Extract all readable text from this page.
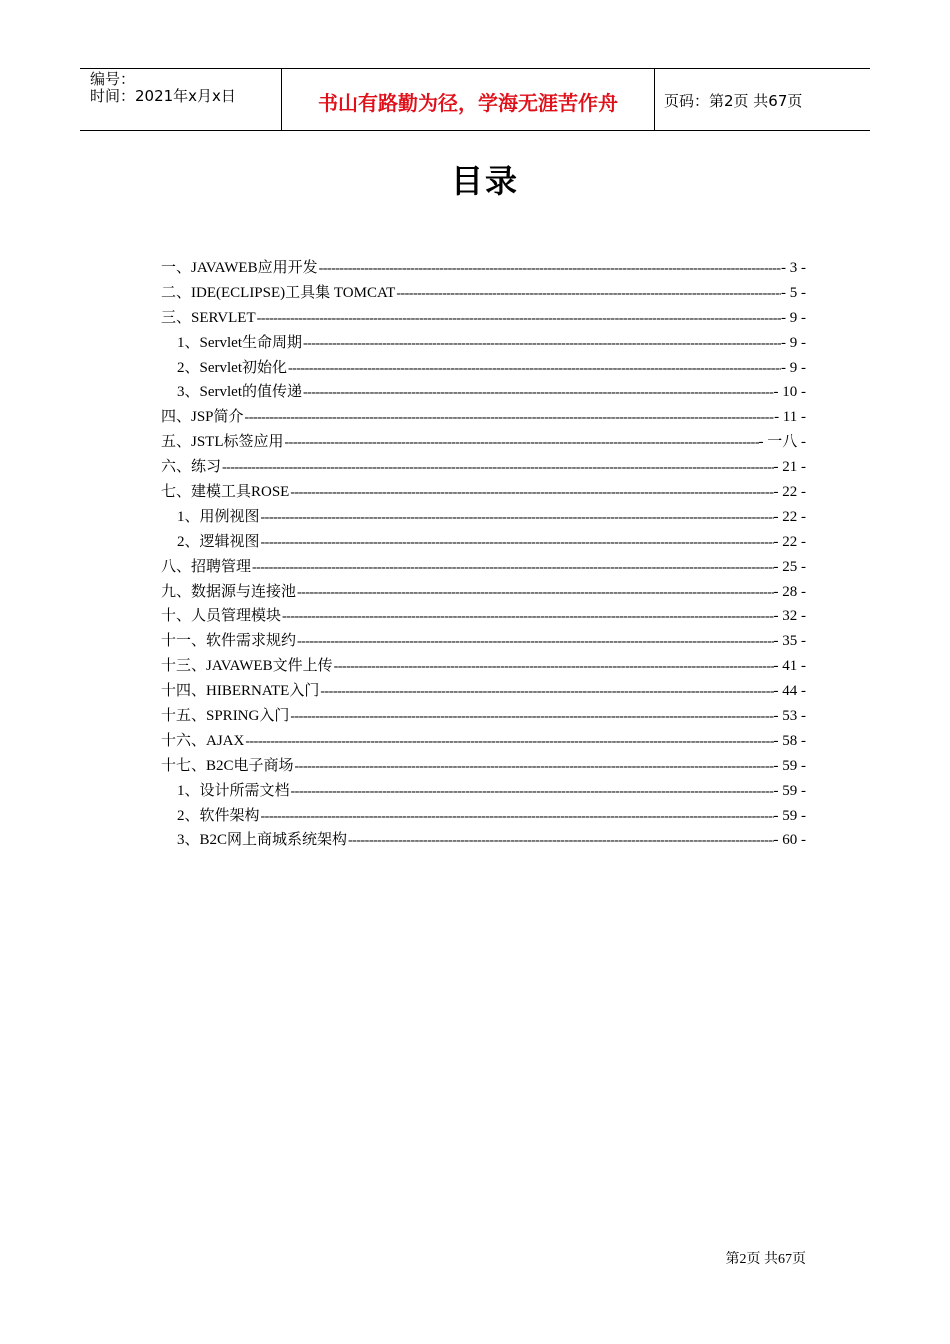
编号：
时间：2021年x月x日	书山有路勤为径，学海无涯苦作舟	页码：第2页 共67页
目录
一、JAVAWEB应用开发 -----	- 3 -
二、IDE(ECLIPSE)工具集 TOMCAT -----	- 5 -
三、SERVLET -----	- 9 -
1、Servlet生命周期 -----	- 9 -
2、Servlet初始化 -----	- 9 -
3、Servlet的值传递 -----	- 10 -
四、JSP简介 -----	- 11 -
五、JSTL标签应用 -----	- 一八 -
六、练习 -----	- 21 -
七、建模工具ROSE -----	- 22 -
1、用例视图 -----	- 22 -
2、逻辑视图 -----	- 22 -
八、招聘管理 -----	- 25 -
九、数据源与连接池 -----	- 28 -
十、人员管理模块 -----	- 32 -
十一、软件需求规约 -----	- 35 -
十三、JAVAWEB文件上传 -----	- 41 -
十四、HIBERNATE入门 -----	- 44 -
十五、SPRING入门 -----	- 53 -
十六、AJAX -----	- 58 -
十七、B2C电子商场 -----	- 59 -
1、设计所需文档 -----	- 59 -
2、软件架构 -----	- 59 -
3、B2C网上商城系统架构 -----	- 60 -
第2页 共67页
